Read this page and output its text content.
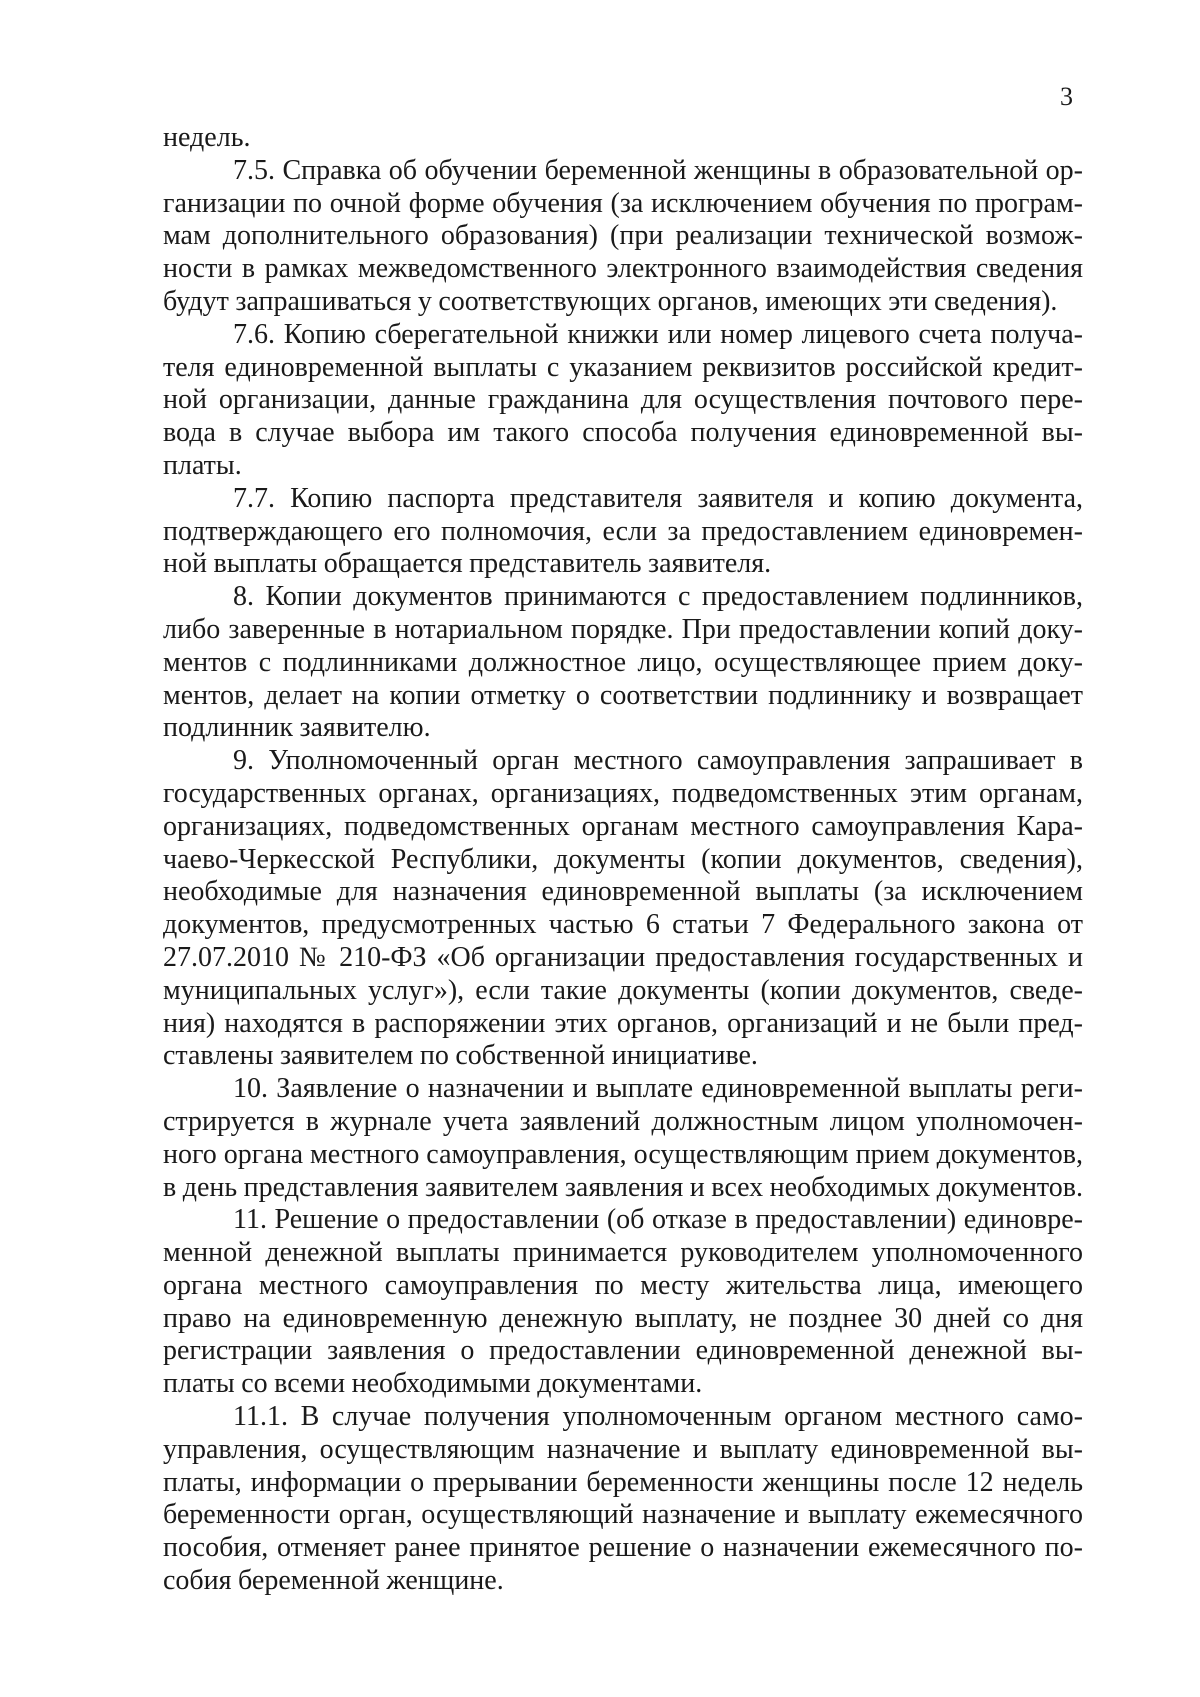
3

недель.

7.5. Справка об обучении беременной женщины в образовательной организации по очной форме обучения (за исключением обучения по программам дополнительного образования) (при реализации технической возможности в рамках межведомственного электронного взаимодействия сведения будут запрашиваться у соответствующих органов, имеющих эти сведения).

7.6. Копию сберегательной книжки или номер лицевого счета получателя единовременной выплаты с указанием реквизитов российской кредитной организации, данные гражданина для осуществления почтового перевода в случае выбора им такого способа получения единовременной выплаты.

7.7. Копию паспорта представителя заявителя и копию документа, подтверждающего его полномочия, если за предоставлением единовременной выплаты обращается представитель заявителя.

8. Копии документов принимаются с предоставлением подлинников, либо заверенные в нотариальном порядке. При предоставлении копий документов с подлинниками должностное лицо, осуществляющее прием документов, делает на копии отметку о соответствии подлиннику и возвращает подлинник заявителю.

9. Уполномоченный орган местного самоуправления запрашивает в государственных органах, организациях, подведомственных этим органам, организациях, подведомственных органам местного самоуправления Карачаево-Черкесской Республики, документы (копии документов, сведения), необходимые для назначения единовременной выплаты (за исключением документов, предусмотренных частью 6 статьи 7 Федерального закона от 27.07.2010 № 210-ФЗ «Об организации предоставления государственных и муниципальных услуг»), если такие документы (копии документов, сведения) находятся в распоряжении этих органов, организаций и не были представлены заявителем по собственной инициативе.

10. Заявление о назначении и выплате единовременной выплаты регистрируется в журнале учета заявлений должностным лицом уполномоченного органа местного самоуправления, осуществляющим прием документов, в день представления заявителем заявления и всех необходимых документов.

11. Решение о предоставлении (об отказе в предоставлении) единовременной денежной выплаты принимается руководителем уполномоченного органа местного самоуправления по месту жительства лица, имеющего право на единовременную денежную выплату, не позднее 30 дней со дня регистрации заявления о предоставлении единовременной денежной выплаты со всеми необходимыми документами.

11.1. В случае получения уполномоченным органом местного самоуправления, осуществляющим назначение и выплату единовременной выплаты, информации о прерывании беременности женщины после 12 недель беременности орган, осуществляющий назначение и выплату ежемесячного пособия, отменяет ранее принятое решение о назначении ежемесячного пособия беременной женщине.
